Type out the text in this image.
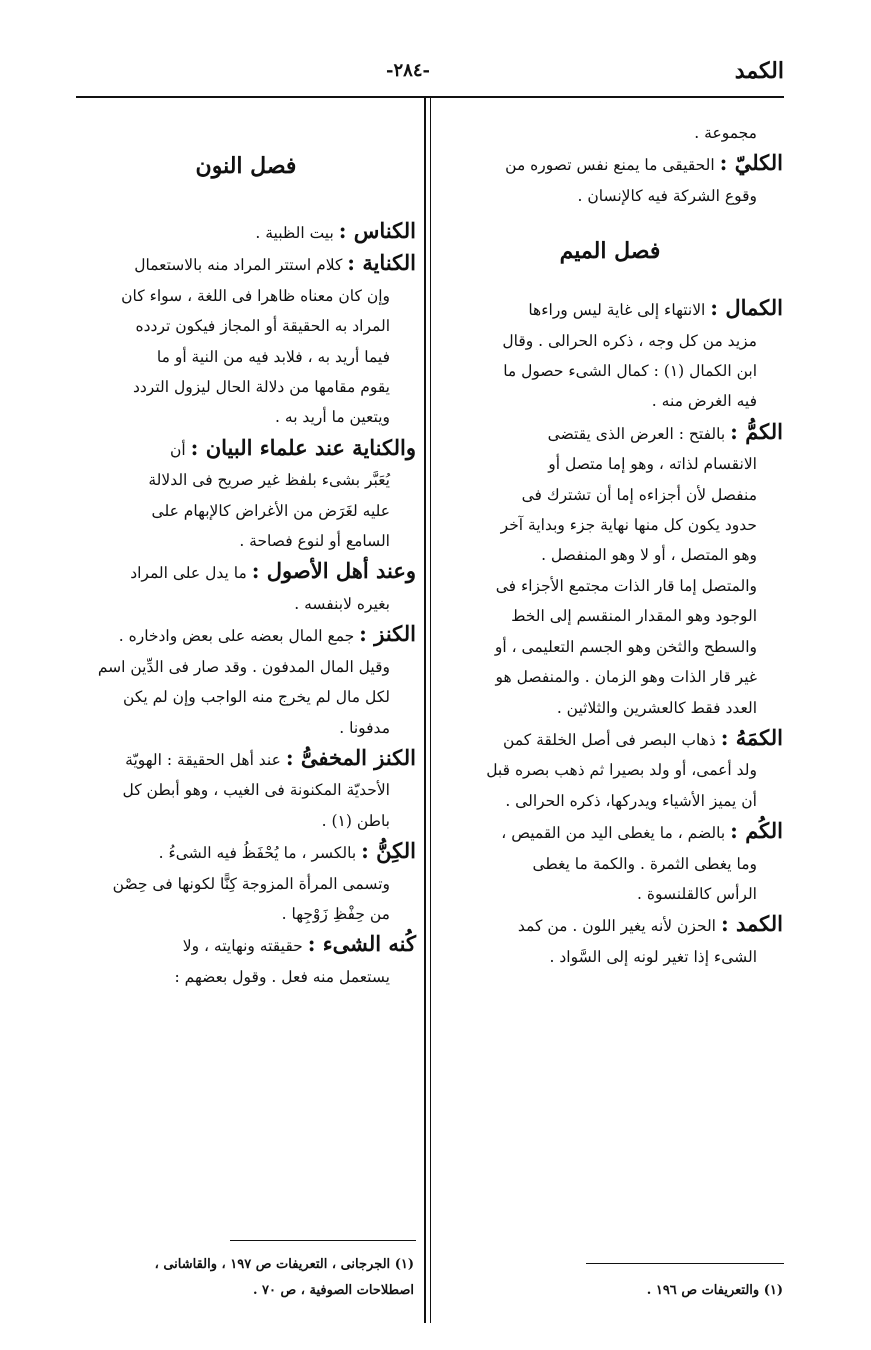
الكمد
-٢٨٤-
مجموعة .
الكليّ : الحقيقى ما يمنع نفس تصوره من
وقوع الشركة فيه كالإنسان .
فصل الميم
الكمال : الانتهاء إلى غاية ليس وراءها
مزيد من كل وجه ، ذكره الحرالى . وقال
ابن الكمال (١) : كمال الشىء حصول ما
فيه الغرض منه .
الكمُّ : بالفتح : العرض الذى يقتضى
الانقسام لذاته ، وهو إما متصل أو
منفصل لأن أجزاءه إما أن تشترك فى
حدود يكون كل منها نهاية جزء وبداية آخر
وهو المتصل ، أو لا وهو المنفصل .
والمتصل إما قار الذات مجتمع الأجزاء فى
الوجود وهو المقدار المنقسم إلى الخط
والسطح والثخن وهو الجسم التعليمى ، أو
غير قار الذات وهو الزمان . والمنفصل هو
العدد فقط كالعشرين والثلاثين .
الكمَهُ : ذهاب البصر فى أصل الخلقة كمن
ولد أعمى، أو ولد بصيرا ثم ذهب بصره قبل
أن يميز الأشياء ويدركها، ذكره الحرالى .
الكُم : بالضم ، ما يغطى اليد من القميص ،
وما يغطى الثمرة . والكمة ما يغطى
الرأس كالقلنسوة .
الكمد : الحزن لأنه يغير اللون . من كمد
الشىء إذا تغير لونه إلى السَّواد .
فصل النون
الكناس : بيت الظبية .
الكناية : كلام استتر المراد منه بالاستعمال
وإن كان معناه ظاهرا فى اللغة ، سواء كان
المراد به الحقيقة أو المجاز فيكون تردده
فيما أريد به ، فلابد فيه من النية أو ما
يقوم مقامها من دلالة الحال ليزول التردد
ويتعين ما أريد به .
والكناية عند علماء البيان : أن
يُعَبَّر بشىء بلفظ غير صريح فى الدلالة
عليه لغَرَض من الأغراض كالإبهام على
السامع أو لنوع فصاحة .
وعند أهل الأصول : ما يدل على المراد
بغيره لابنفسه .
الكنز : جمع المال بعضه على بعض وادخاره .
وقيل المال المدفون . وقد صار فى الدِّين اسم
لكل مال لم يخرج منه الواجب وإن لم يكن
مدفونا .
الكنز المخفىُّ : عند أهل الحقيقة : الهويّة
الأحديّة المكنونة فى الغيب ، وهو أبطن كل
باطن (١) .
الكِنُّ : بالكسر ، ما يُحْفَظُ فيه الشىءُ .
وتسمى المرأة المزوجة كِنًّا لكونها فى حِصْن
من حِفْظِ زَوْجِها .
كُنه الشىء : حقيقته ونهايته ، ولا
يستعمل منه فعل . وقول بعضهم :
(١) والتعريفات ص ١٩٦ .
(١) الجرجانى ، التعريفات ص ١٩٧ ، والقاشانى ،
اصطلاحات الصوفية ، ص ٧٠ .
